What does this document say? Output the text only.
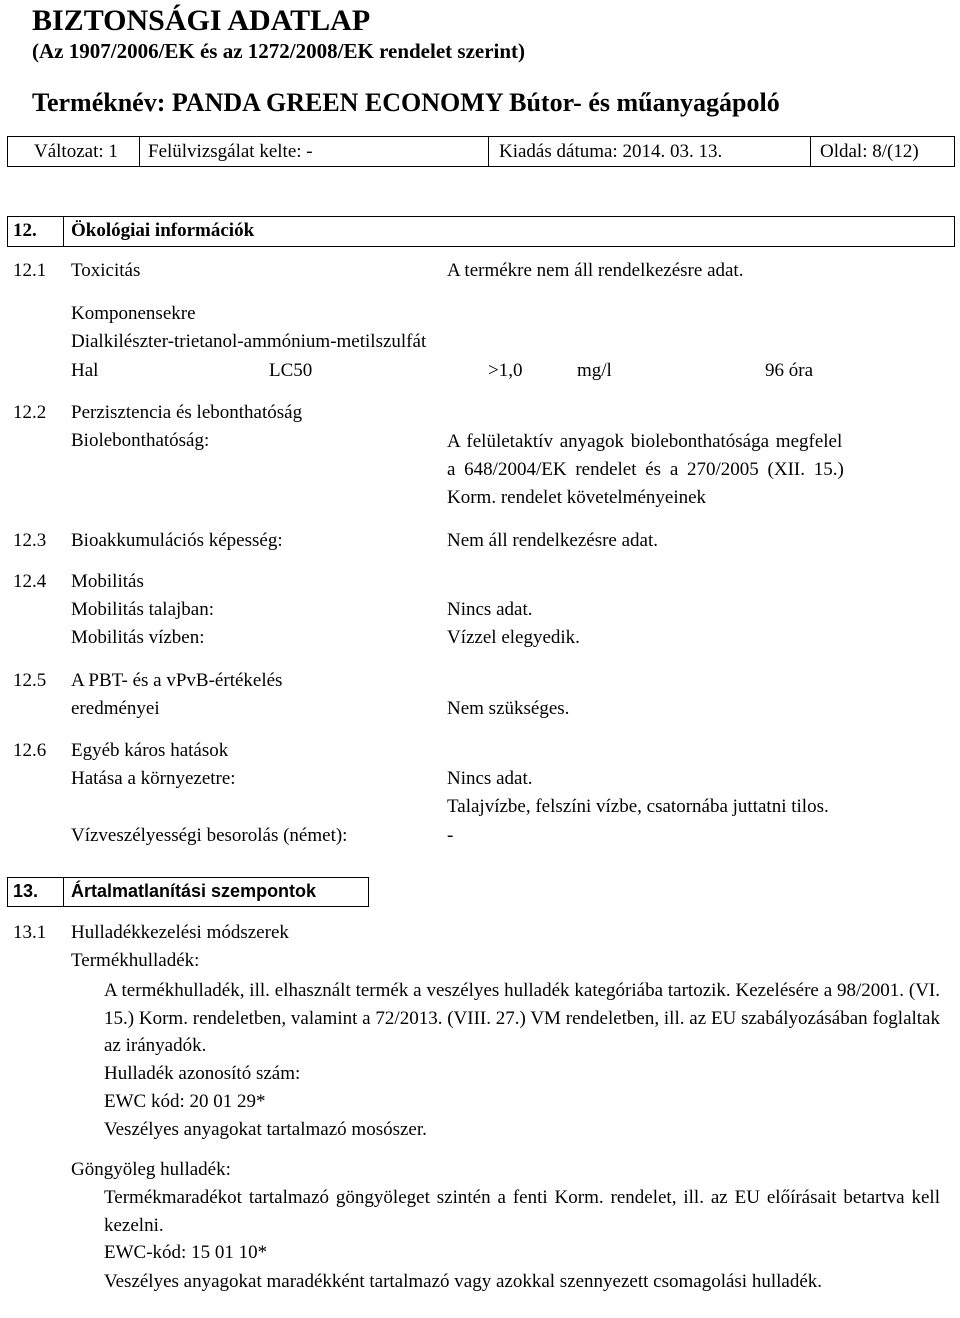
BIZTONSÁGI ADATLAP
(Az 1907/2006/EK és az 1272/2008/EK rendelet szerint)
Terméknév: PANDA GREEN ECONOMY Bútor- és műanyagápoló
Változat: 1 Felülvizsgálat kelte: -	Kiadás dátuma: 2014. 03. 13.	Oldal: 8/(12)
12. Ökológiai információk
12.1 Toxicitás	A termékre nem áll rendelkezésre adat.
Komponensekre
Dialkilészter-trietanol-ammónium-metilszulfát
Hal	LC50	>1,0	mg/l	96 óra
12.2 Perzisztencia és lebonthatóság
Biolebonthatóság:	A felületaktív anyagok biolebonthatósága megfelel
a 648/2004/EK rendelet és a 270/2005 (XII. 15.)
Korm. rendelet követelményeinek
12.3 Bioakkumulációs képesség:	Nem áll rendelkezésre adat.
12.4 Mobilitás
Mobilitás talajban:	Nincs adat.
Mobilitás vízben:	Vízzel elegyedik.
12.5 A PBT- és a vPvB-értékelés
eredményei	Nem szükséges.
12.6 Egyéb káros hatások
Hatása a környezetre:	Nincs adat.
Talajvízbe, felszíni vízbe, csatornába juttatni tilos.
Vízveszélyességi besorolás (német):	-
13. Ártalmatlanítási szempontok
13.1 Hulladékkezelési módszerek
Termékhulladék:
A termékhulladék, ill. elhasznált termék a veszélyes hulladék kategóriába tartozik. Kezelésére a 98/2001. (VI. 15.) Korm. rendeletben, valamint a 72/2013. (VIII. 27.) VM rendeletben, ill. az EU szabályozásában foglaltak az irányadók.
Hulladék azonosító szám:
EWC kód: 20 01 29*
Veszélyes anyagokat tartalmazó mosószer.
Göngyöleg hulladék:
Termékmaradékot tartalmazó göngyöleget szintén a fenti Korm. rendelet, ill. az EU előírásait betartva kell kezelni.
EWC-kód: 15 01 10*
Veszélyes anyagokat maradékként tartalmazó vagy azokkal szennyezett csomagolási hulladék.
